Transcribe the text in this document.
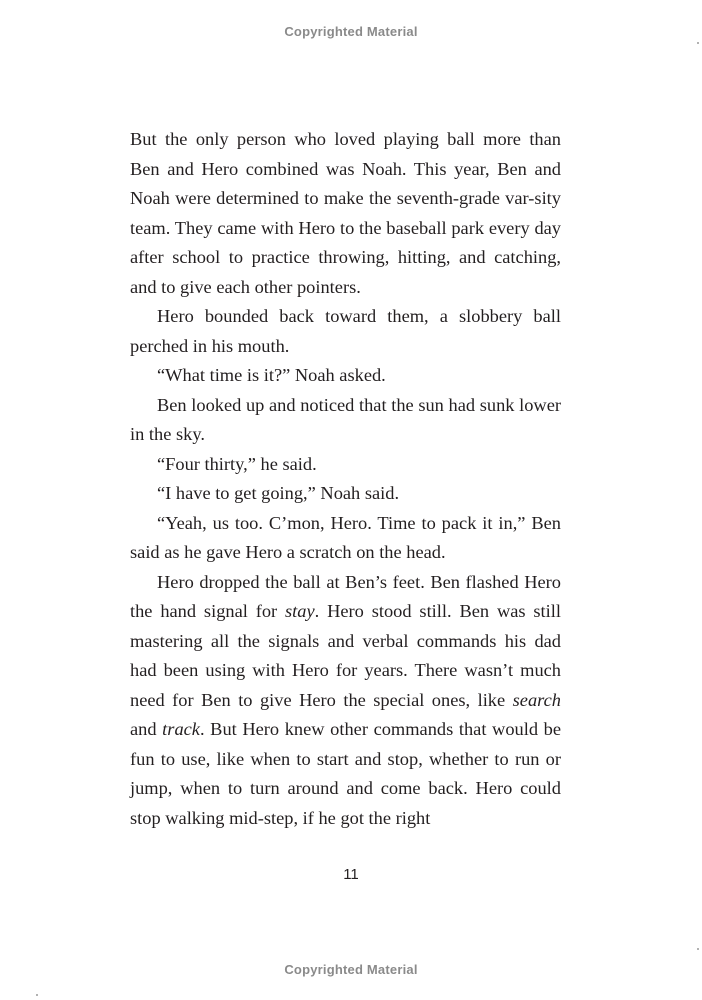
Copyrighted Material

But the only person who loved playing ball more than Ben and Hero combined was Noah. This year, Ben and Noah were determined to make the seventh-grade var-sity team. They came with Hero to the baseball park every day after school to practice throwing, hitting, and catching, and to give each other pointers.

Hero bounded back toward them, a slobbery ball perched in his mouth.

“What time is it?” Noah asked.

Ben looked up and noticed that the sun had sunk lower in the sky.

“Four thirty,” he said.

“I have to get going,” Noah said.

“Yeah, us too. C’mon, Hero. Time to pack it in,” Ben said as he gave Hero a scratch on the head.

Hero dropped the ball at Ben’s feet. Ben flashed Hero the hand signal for stay. Hero stood still. Ben was still mastering all the signals and verbal commands his dad had been using with Hero for years. There wasn’t much need for Ben to give Hero the special ones, like search and track. But Hero knew other commands that would be fun to use, like when to start and stop, whether to run or jump, when to turn around and come back. Hero could stop walking mid-step, if he got the right

11
Copyrighted Material
